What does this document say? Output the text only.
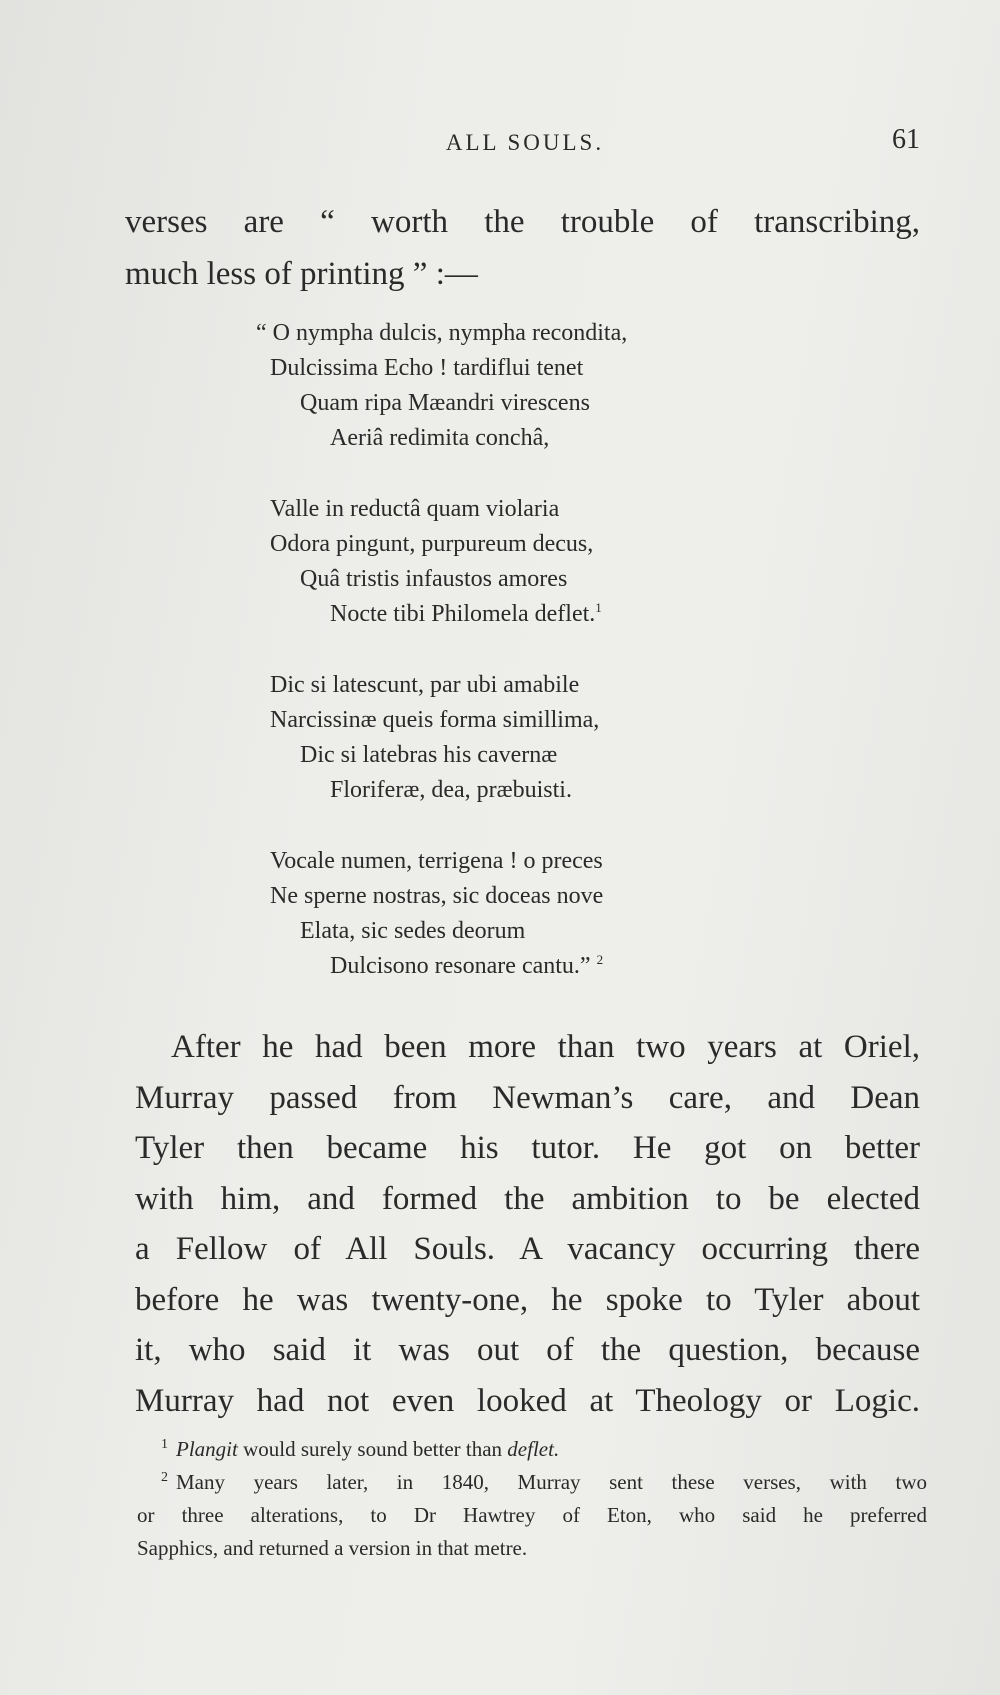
ALL SOULS.	61
verses are “ worth the trouble of transcribing,
much less of printing ” :—
“ O nympha dulcis, nympha recondita,
Dulcissima Echo ! tardiflui tenet
Quam ripa Mæandri virescens
Aeriâ redimita conchâ,
Valle in reductâ quam violaria
Odora pingunt, purpureum decus,
Quâ tristis infaustos amores
Nocte tibi Philomela deflet.$^1$
Dic si latescunt, par ubi amabile
Narcissinæ queis forma simillima,
Dic si latebras his cavernæ
Floriferæ, dea, præbuisti.
Vocale numen, terrigena ! o preces
Ne sperne nostras, sic doceas nove
Elata, sic sedes deorum
Dulcisono resonare cantu.” $^2$
After he had been more than two years at Oriel,
Murray passed from Newman’s care, and Dean
Tyler then became his tutor. He got on better
with him, and formed the ambition to be elected
a Fellow of All Souls. A vacancy occurring there
before he was twenty-one, he spoke to Tyler about
it, who said it was out of the question, because
Murray had not even looked at Theology or Logic.
$^1$ Plangit would surely sound better than deflet.
$^2$ Many years later, in 1840, Murray sent these verses, with two
or three alterations, to Dr Hawtrey of Eton, who said he preferred
Sapphics, and returned a version in that metre.
